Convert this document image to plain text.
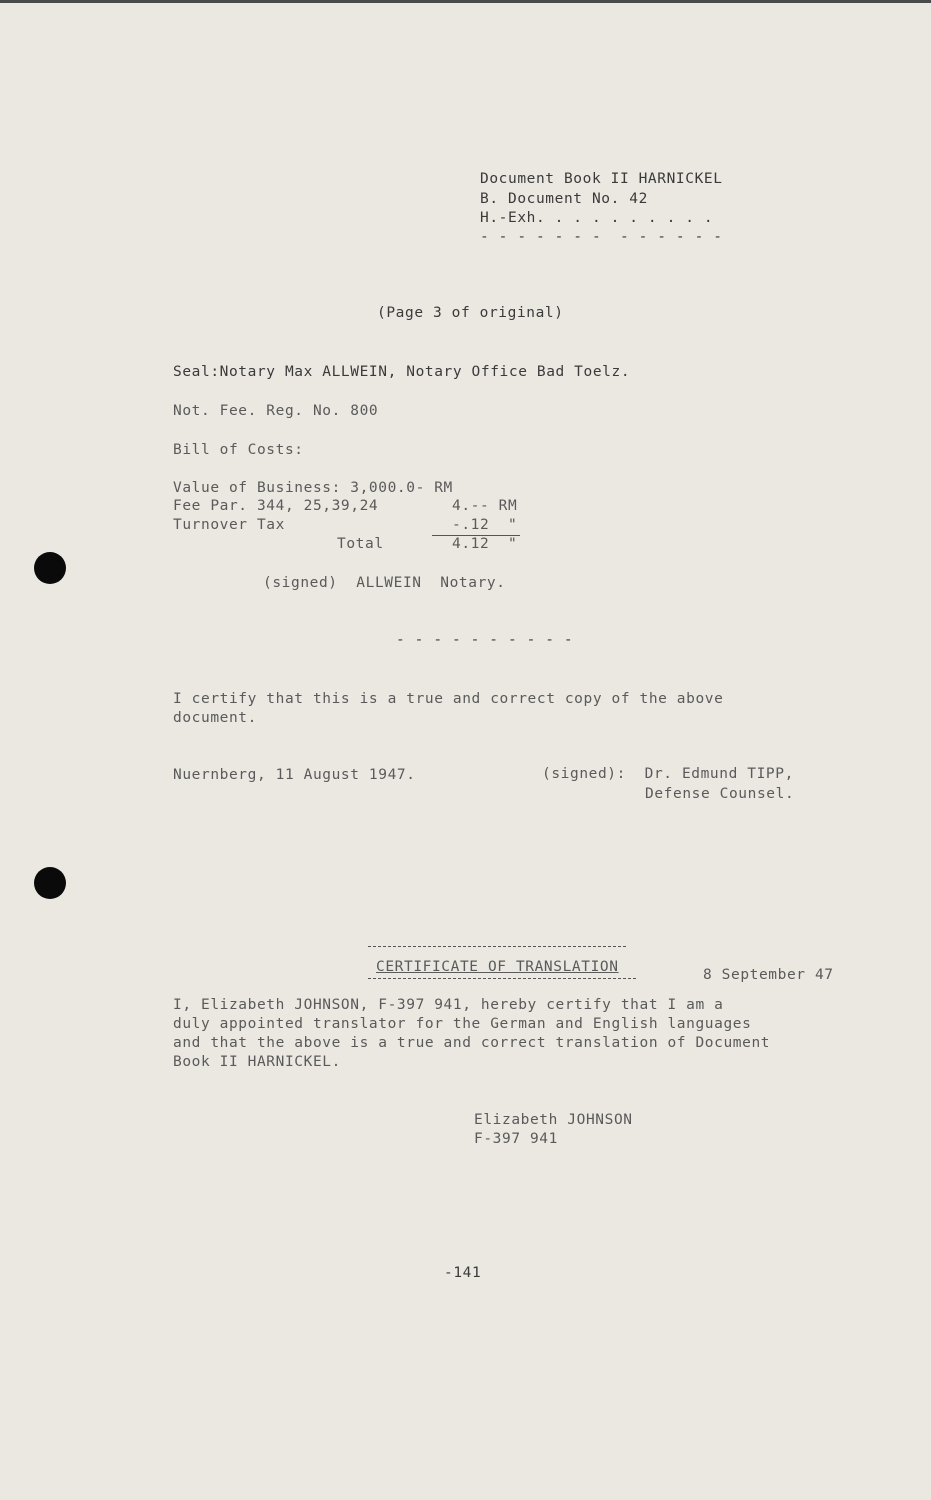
Document Book II HARNICKEL
B. Document No. 42
H.-Exh. . . . . . . . . .
- - - - - - -  - - - - - -
(Page 3 of original)
Seal:Notary Max ALLWEIN, Notary Office Bad Toelz.
Not. Fee. Reg. No. 800
Bill of Costs:
Value of Business: 3,000.0- RM
Fee Par. 344, 25,39,24	4.-- RM
Turnover Tax	-.12  "
Total	4.12  "
(signed)  ALLWEIN  Notary.
- - - - - - - - - -
I certify that this is a true and correct copy of the above
document.
Nuernberg, 11 August 1947.	(signed):  Dr. Edmund TIPP,
Defense Counsel.
CERTIFICATE OF TRANSLATION	8 September 47
I, Elizabeth JOHNSON, F-397 941, hereby certify that I am a
duly appointed translator for the German and English languages
and that the above is a true and correct translation of Document
Book II HARNICKEL.
Elizabeth JOHNSON
F-397 941
-141
